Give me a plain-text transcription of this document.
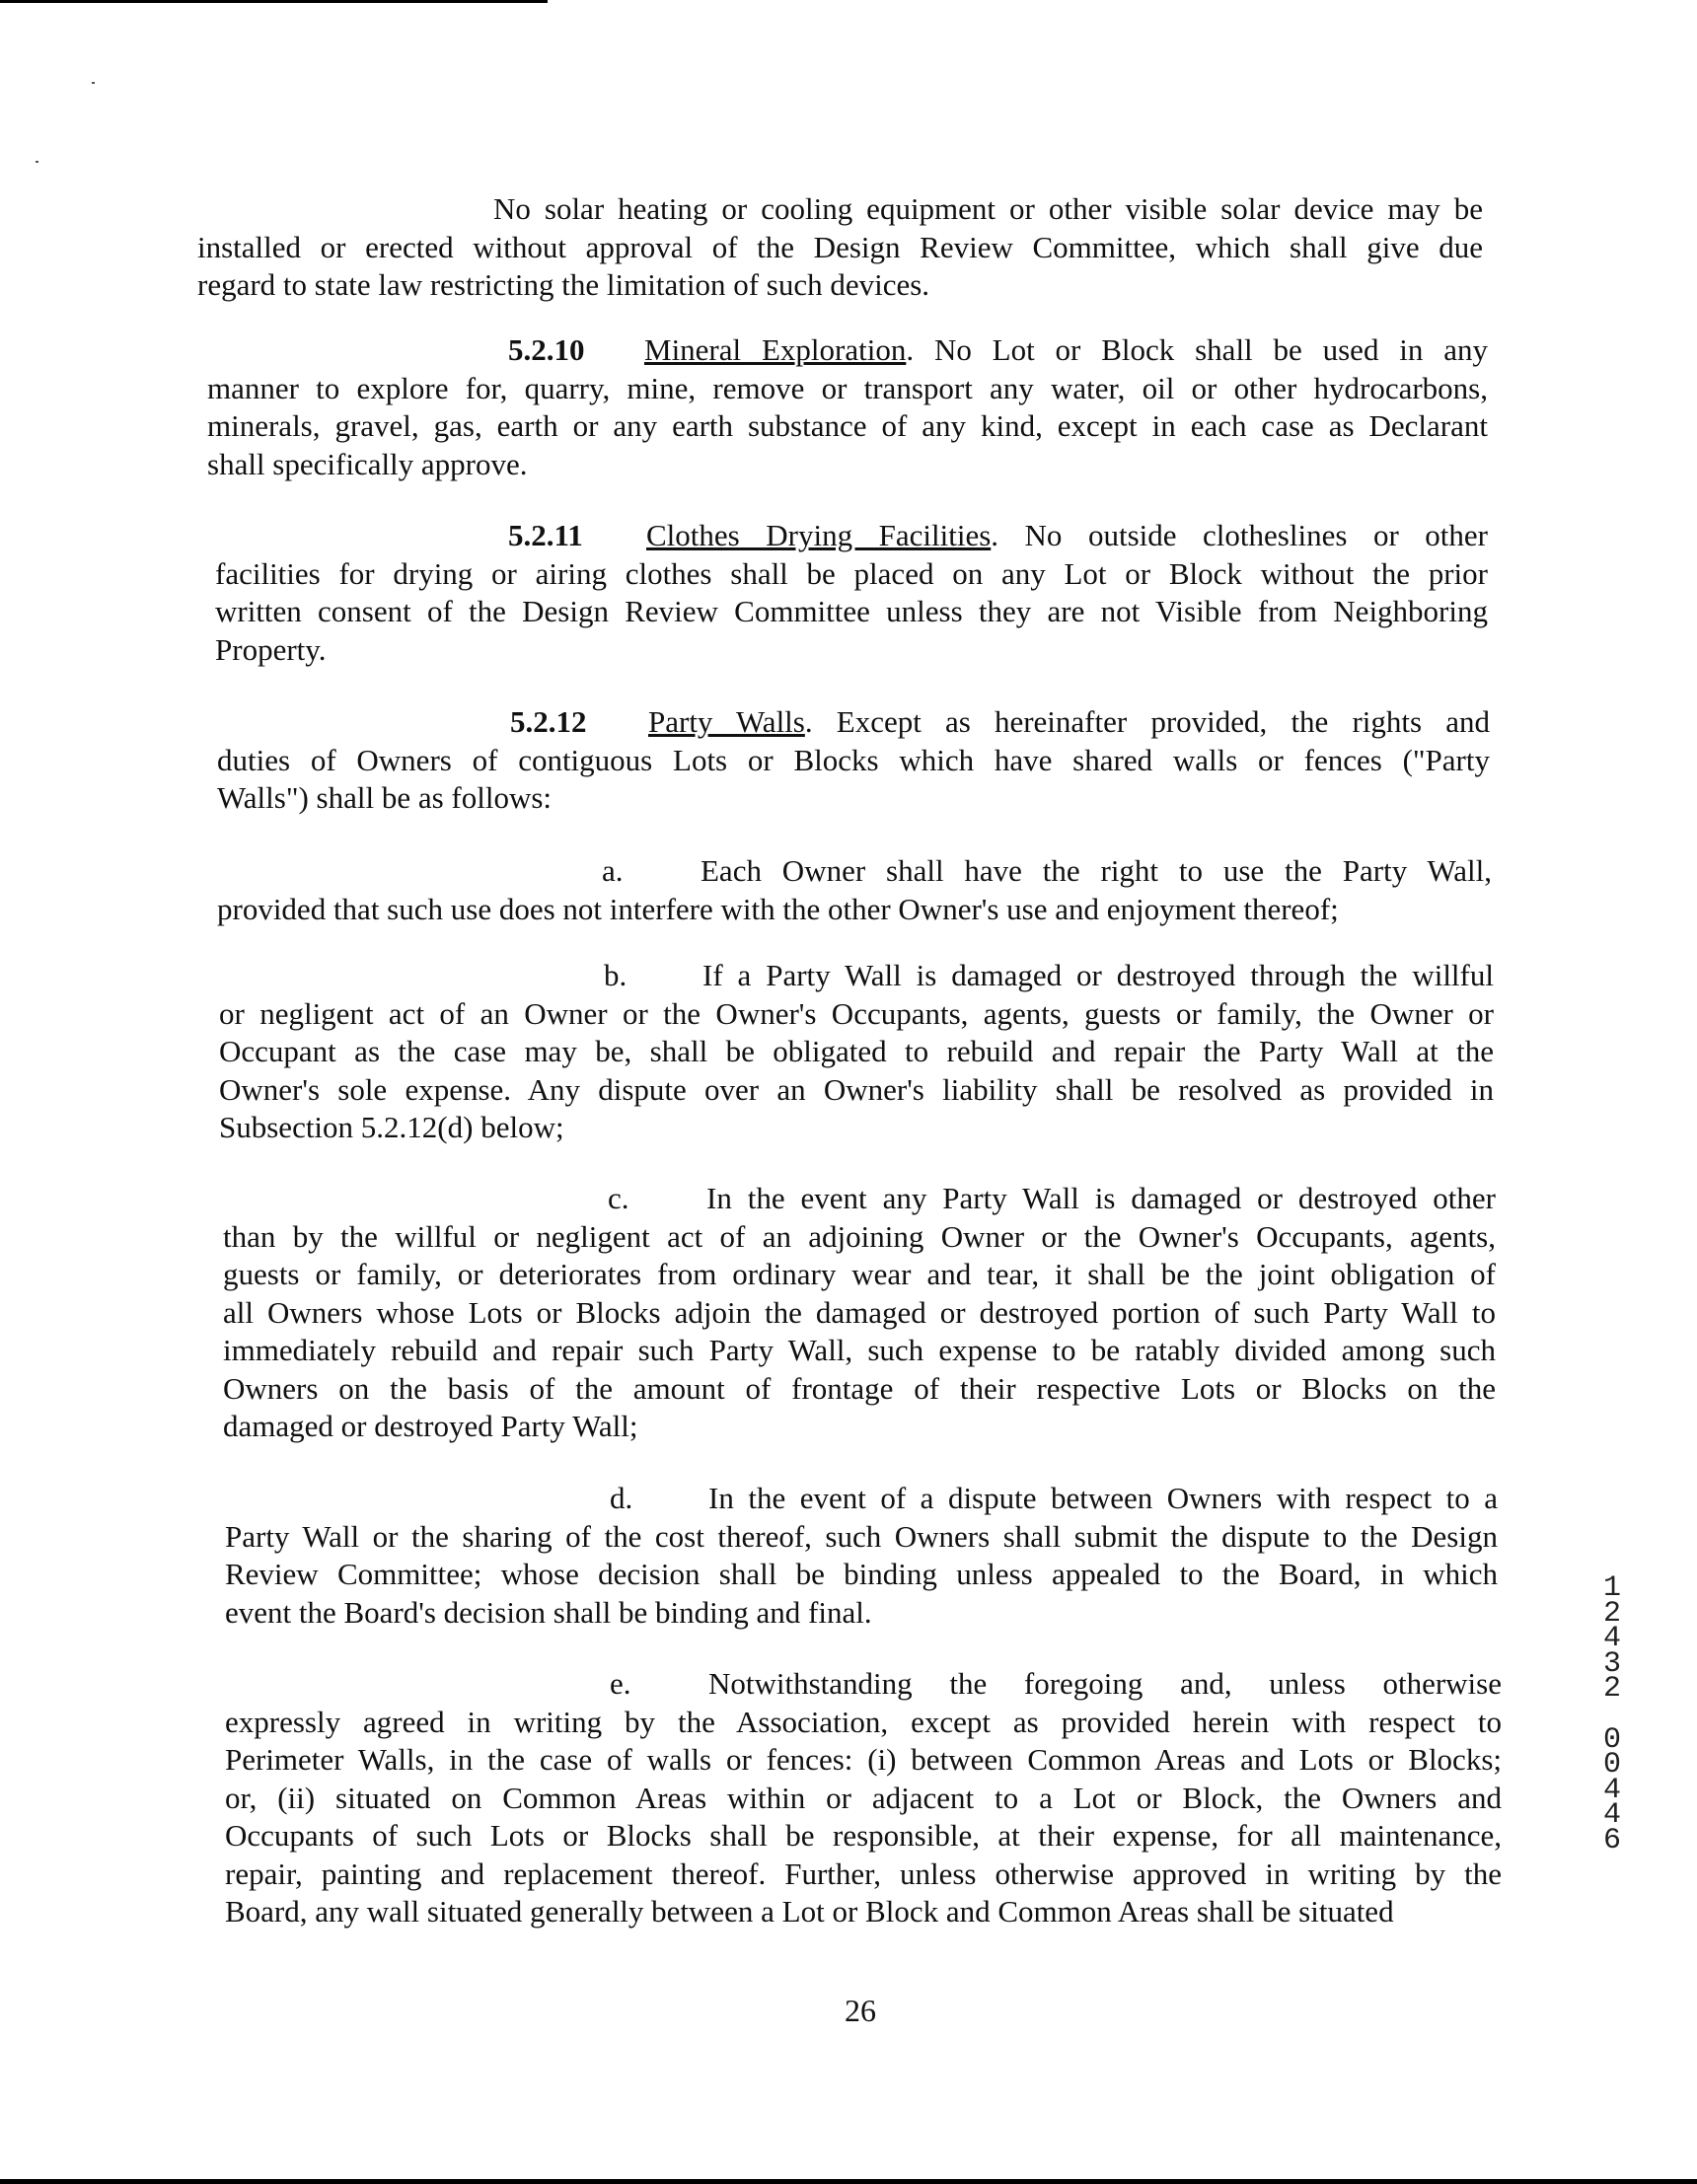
No solar heating or cooling equipment or other visible solar device may be
installed or erected without approval of the Design Review Committee, which shall give due
regard to state law restricting the limitation of such devices.
5.2.10 Mineral Exploration. No Lot or Block shall be used in any
manner to explore for, quarry, mine, remove or transport any water, oil or other hydrocarbons,
minerals, gravel, gas, earth or any earth substance of any kind, except in each case as Declarant
shall specifically approve.
5.2.11 Clothes Drying Facilities. No outside clotheslines or other
facilities for drying or airing clothes shall be placed on any Lot or Block without the prior
written consent of the Design Review Committee unless they are not Visible from Neighboring
Property.
5.2.12 Party Walls. Except as hereinafter provided, the rights and
duties of Owners of contiguous Lots or Blocks which have shared walls or fences ("Party
Walls") shall be as follows:
a.	Each Owner shall have the right to use the Party Wall,
provided that such use does not interfere with the other Owner's use and enjoyment thereof;
b. If a Party Wall is damaged or destroyed through the willful
or negligent act of an Owner or the Owner's Occupants, agents, guests or family, the Owner or
Occupant as the case may be, shall be obligated to rebuild and repair the Party Wall at the
Owner's sole expense. Any dispute over an Owner's liability shall be resolved as provided in
Subsection 5.2.12(d) below;
c.	In the event any Party Wall is damaged or destroyed other
than by the willful or negligent act of an adjoining Owner or the Owner's Occupants, agents,
guests or family, or deteriorates from ordinary wear and tear, it shall be the joint obligation of
all Owners whose Lots or Blocks adjoin the damaged or destroyed portion of such Party Wall to
immediately rebuild and repair such Party Wall, such expense to be ratably divided among such
Owners on the basis of the amount of frontage of their respective Lots or Blocks on the
damaged or destroyed Party Wall;
d. In the event of a dispute between Owners with respect to a
Party Wall or the sharing of the cost thereof, such Owners shall submit the dispute to the Design
Review Committee; whose decision shall be binding unless appealed to the Board, in which
event the Board's decision shall be binding and final.
e.	Notwithstanding the foregoing and, unless otherwise
expressly agreed in writing by the Association, except as provided herein with respect to
Perimeter Walls, in the case of walls or fences: (i) between Common Areas and Lots or Blocks;
or, (ii) situated on Common Areas within or adjacent to a Lot or Block, the Owners and
Occupants of such Lots or Blocks shall be responsible, at their expense, for all maintenance,
repair, painting and replacement thereof. Further, unless otherwise approved in writing by the
Board, any wall situated generally between a Lot or Block and Common Areas shall be situated
26
1
2
4
3
2
0
0
4
4
6
